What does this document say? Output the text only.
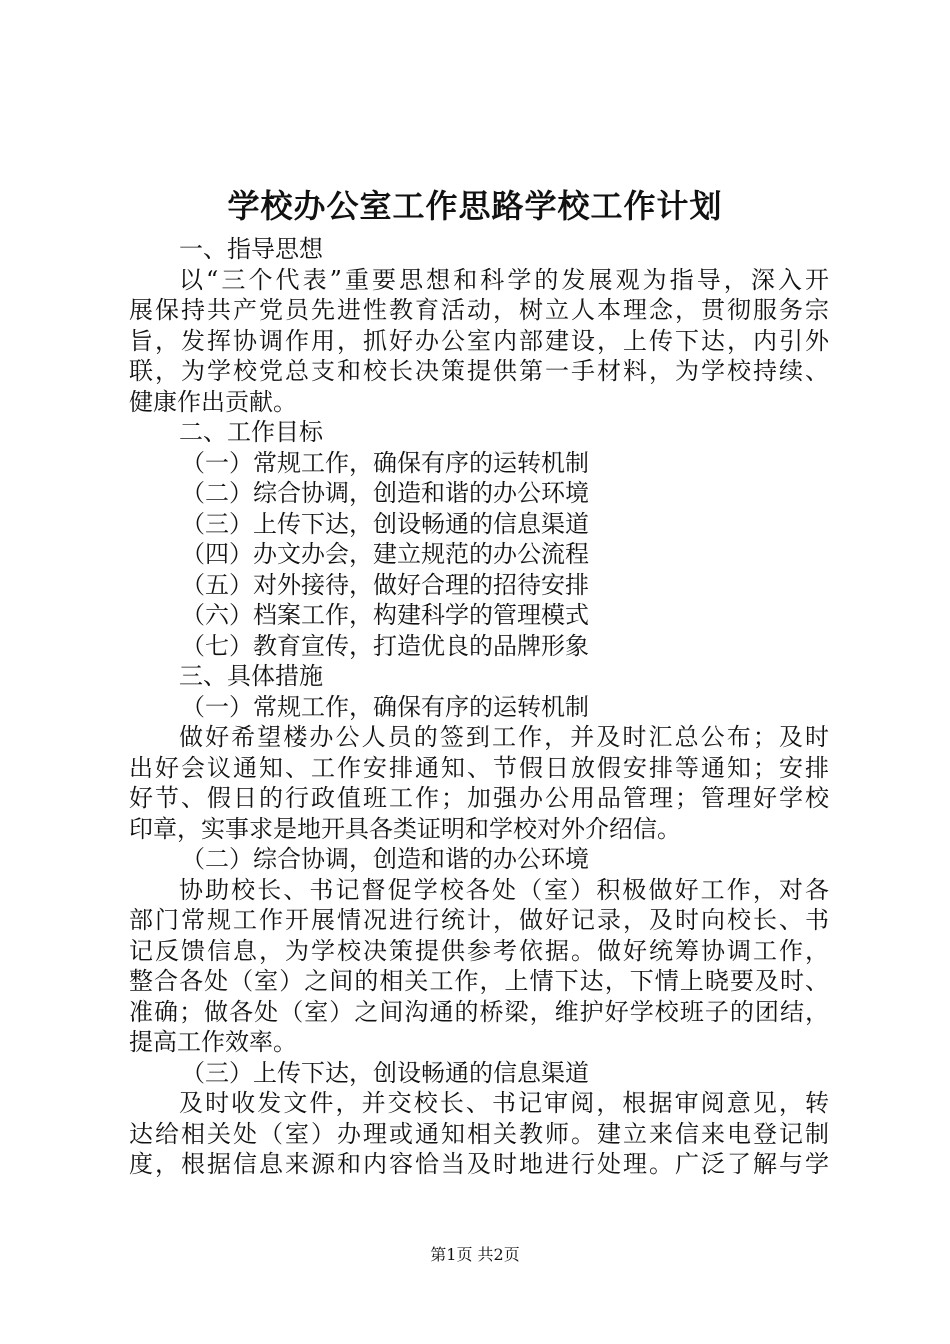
学校办公室工作思路学校工作计划
一、指导思想
以“三个代表”重要思想和科学的发展观为指导，深入开
展保持共产党员先进性教育活动，树立人本理念，贯彻服务宗
旨，发挥协调作用，抓好办公室内部建设，上传下达，内引外
联，为学校党总支和校长决策提供第一手材料，为学校持续、
健康作出贡献。
二、工作目标
（一）常规工作，确保有序的运转机制
（二）综合协调，创造和谐的办公环境
（三）上传下达，创设畅通的信息渠道
（四）办文办会，建立规范的办公流程
（五）对外接待，做好合理的招待安排
（六）档案工作，构建科学的管理模式
（七）教育宣传，打造优良的品牌形象
三、具体措施
（一）常规工作，确保有序的运转机制
做好希望楼办公人员的签到工作，并及时汇总公布；及时
出好会议通知、工作安排通知、节假日放假安排等通知；安排
好节、假日的行政值班工作；加强办公用品管理；管理好学校
印章，实事求是地开具各类证明和学校对外介绍信。
（二）综合协调，创造和谐的办公环境
协助校长、书记督促学校各处（室）积极做好工作，对各
部门常规工作开展情况进行统计，做好记录，及时向校长、书
记反馈信息，为学校决策提供参考依据。做好统筹协调工作，
整合各处（室）之间的相关工作，上情下达，下情上晓要及时、
准确；做各处（室）之间沟通的桥梁，维护好学校班子的团结，
提高工作效率。
（三）上传下达，创设畅通的信息渠道
及时收发文件，并交校长、书记审阅，根据审阅意见，转
达给相关处（室）办理或通知相关教师。建立来信来电登记制
度，根据信息来源和内容恰当及时地进行处理。广泛了解与学
第1页 共2页
